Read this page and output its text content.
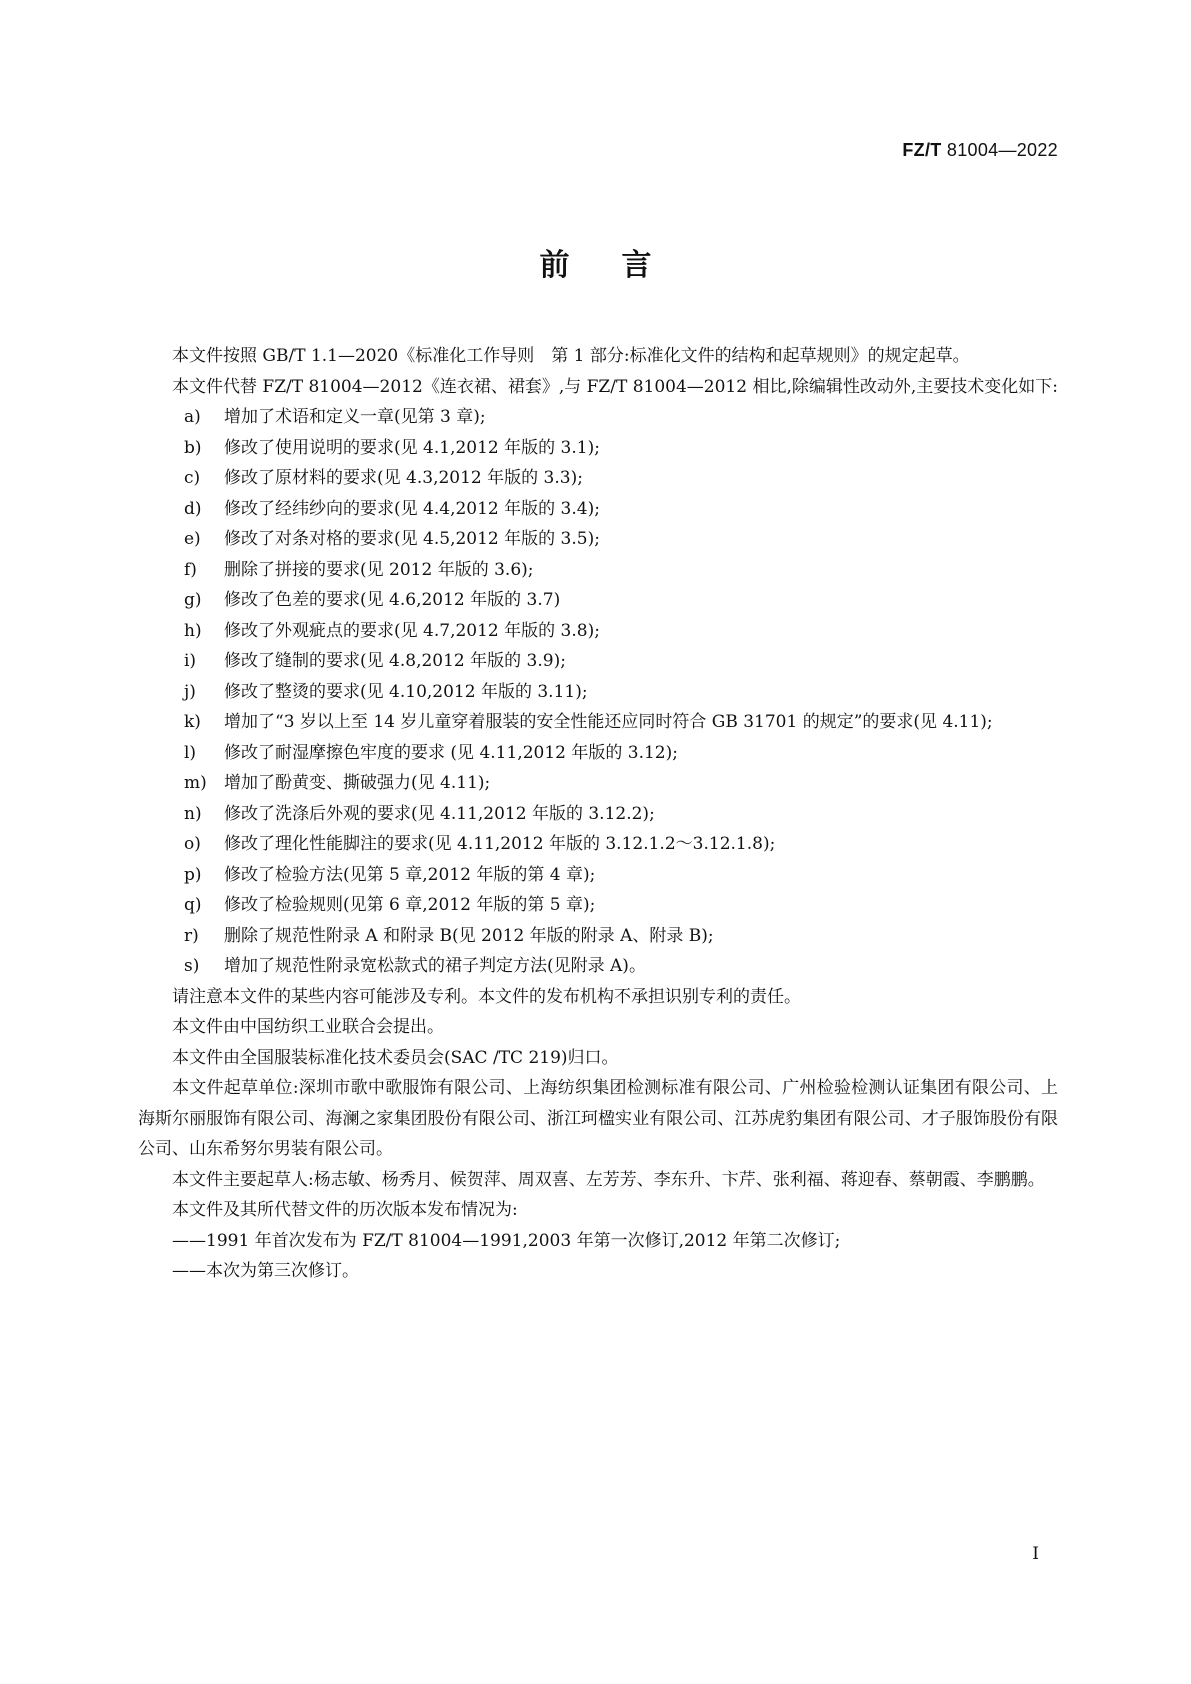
FZ/T 81004—2022
前言

本文件按照 GB/T 1.1—2020《标准化工作导则　第 1 部分:标准化文件的结构和起草规则》的规定起草。

本文件代替 FZ/T 81004—2012《连衣裙、裙套》,与 FZ/T 81004—2012 相比,除编辑性改动外,主要技术变化如下:

a)	增加了术语和定义一章(见第 3 章);
b)	修改了使用说明的要求(见 4.1,2012 年版的 3.1);
c)	修改了原材料的要求(见 4.3,2012 年版的 3.3);
d)	修改了经纬纱向的要求(见 4.4,2012 年版的 3.4);
e)	修改了对条对格的要求(见 4.5,2012 年版的 3.5);
f)	删除了拼接的要求(见 2012 年版的 3.6);
g)	修改了色差的要求(见 4.6,2012 年版的 3.7)
h)	修改了外观疵点的要求(见 4.7,2012 年版的 3.8);
i)	修改了缝制的要求(见 4.8,2012 年版的 3.9);
j)	修改了整烫的要求(见 4.10,2012 年版的 3.11);
k)	增加了“3 岁以上至 14 岁儿童穿着服装的安全性能还应同时符合 GB 31701 的规定”的要求(见 4.11);
l)	修改了耐湿摩擦色牢度的要求 (见 4.11,2012 年版的 3.12);
m)	增加了酚黄变、撕破强力(见 4.11);
n)	修改了洗涤后外观的要求(见 4.11,2012 年版的 3.12.2);
o)	修改了理化性能脚注的要求(见 4.11,2012 年版的 3.12.1.2～3.12.1.8);
p)	修改了检验方法(见第 5 章,2012 年版的第 4 章);
q)	修改了检验规则(见第 6 章,2012 年版的第 5 章);
r)	删除了规范性附录 A 和附录 B(见 2012 年版的附录 A、附录 B);
s)	增加了规范性附录宽松款式的裙子判定方法(见附录 A)。

请注意本文件的某些内容可能涉及专利。本文件的发布机构不承担识别专利的责任。

本文件由中国纺织工业联合会提出。

本文件由全国服装标准化技术委员会(SAC /TC 219)归口。

本文件起草单位:深圳市歌中歌服饰有限公司、上海纺织集团检测标准有限公司、广州检验检测认证集团有限公司、上海斯尔丽服饰有限公司、海澜之家集团股份有限公司、浙江珂楹实业有限公司、江苏虎豹集团有限公司、才子服饰股份有限公司、山东希努尔男装有限公司。

本文件主要起草人:杨志敏、杨秀月、候贺萍、周双喜、左芳芳、李东升、卞芹、张利福、蒋迎春、蔡朝霞、李鹏鹏。

本文件及其所代替文件的历次版本发布情况为:

——1991 年首次发布为 FZ/T 81004—1991,2003 年第一次修订,2012 年第二次修订;

——本次为第三次修订。

I
